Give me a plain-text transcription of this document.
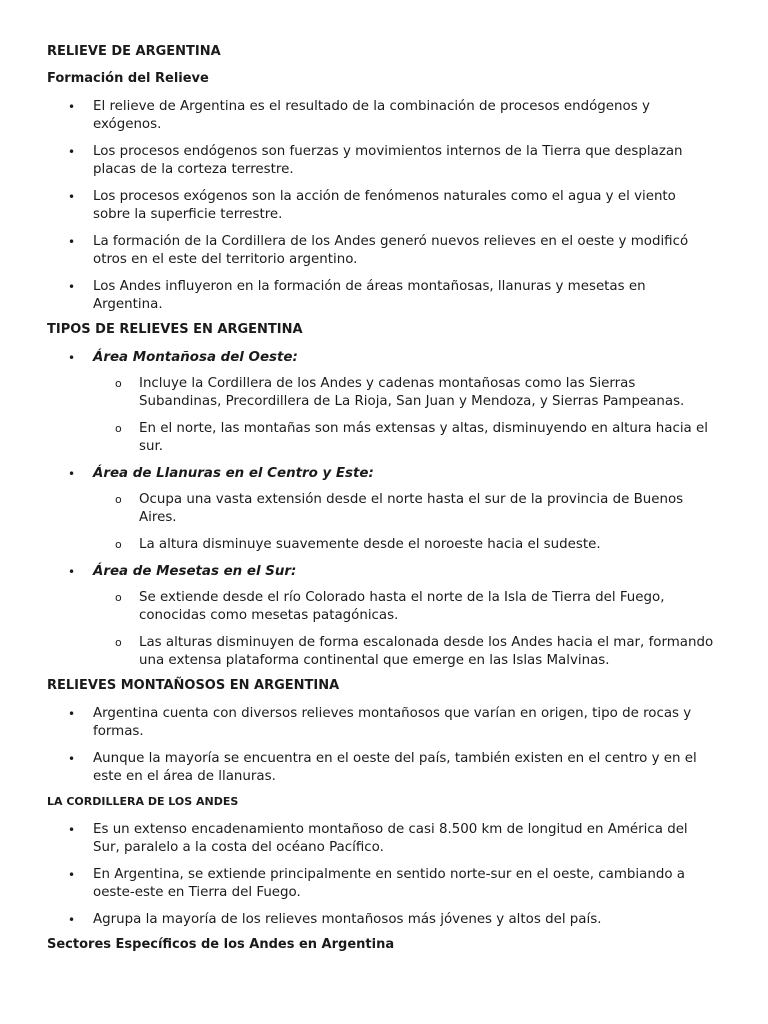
RELIEVE DE ARGENTINA
Formación del Relieve
• El relieve de Argentina es el resultado de la combinación de procesos endógenos y exógenos.
• Los procesos endógenos son fuerzas y movimientos internos de la Tierra que desplazan placas de la corteza terrestre.
• Los procesos exógenos son la acción de fenómenos naturales como el agua y el viento sobre la superficie terrestre.
• La formación de la Cordillera de los Andes generó nuevos relieves en el oeste y modificó otros en el este del territorio argentino.
• Los Andes influyeron en la formación de áreas montañosas, llanuras y mesetas en Argentina.
TIPOS DE RELIEVES EN ARGENTINA
• Área Montañosa del Oeste:
o Incluye la Cordillera de los Andes y cadenas montañosas como las Sierras Subandinas, Precordillera de La Rioja, San Juan y Mendoza, y Sierras Pampeanas.
o En el norte, las montañas son más extensas y altas, disminuyendo en altura hacia el sur.
• Área de Llanuras en el Centro y Este:
o Ocupa una vasta extensión desde el norte hasta el sur de la provincia de Buenos Aires.
o La altura disminuye suavemente desde el noroeste hacia el sudeste.
• Área de Mesetas en el Sur:
o Se extiende desde el río Colorado hasta el norte de la Isla de Tierra del Fuego, conocidas como mesetas patagónicas.
o Las alturas disminuyen de forma escalonada desde los Andes hacia el mar, formando una extensa plataforma continental que emerge en las Islas Malvinas.
RELIEVES MONTAÑOSOS EN ARGENTINA
• Argentina cuenta con diversos relieves montañosos que varían en origen, tipo de rocas y formas.
• Aunque la mayoría se encuentra en el oeste del país, también existen en el centro y en el este en el área de llanuras.
LA CORDILLERA DE LOS ANDES
• Es un extenso encadenamiento montañoso de casi 8.500 km de longitud en América del Sur, paralelo a la costa del océano Pacífico.
• En Argentina, se extiende principalmente en sentido norte-sur en el oeste, cambiando a oeste-este en Tierra del Fuego.
• Agrupa la mayoría de los relieves montañosos más jóvenes y altos del país.
Sectores Específicos de los Andes en Argentina
